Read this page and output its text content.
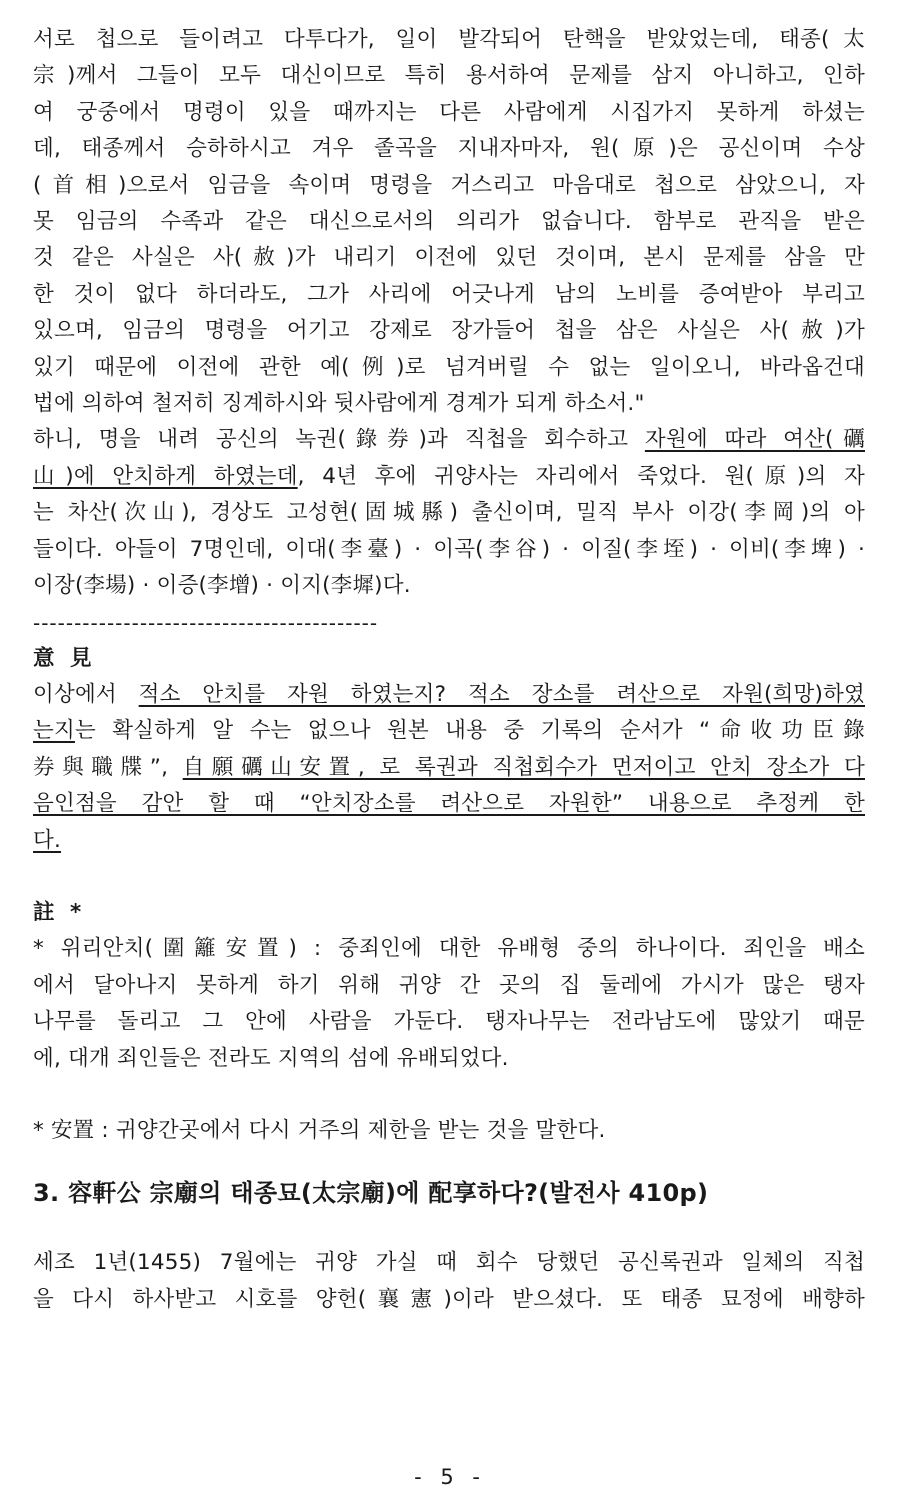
서로 첩으로 들이려고 다투다가, 일이 발각되어 탄핵을 받았었는데, 태종(太
宗)께서 그들이 모두 대신이므로 특히 용서하여 문제를 삼지 아니하고, 인하
여 궁중에서 명령이 있을 때까지는 다른 사람에게 시집가지 못하게 하셨는
데, 태종께서 승하하시고 겨우 졸곡을 지내자마자, 원(原)은 공신이며 수상
(首相)으로서 임금을 속이며 명령을 거스리고 마음대로 첩으로 삼았으니, 자
못 임금의 수족과 같은 대신으로서의 의리가 없습니다. 함부로 관직을 받은
것 같은 사실은 사(赦)가 내리기 이전에 있던 것이며, 본시 문제를 삼을 만
한 것이 없다 하더라도, 그가 사리에 어긋나게 남의 노비를 증여받아 부리고
있으며, 임금의 명령을 어기고 강제로 장가들어 첩을 삼은 사실은 사(赦)가
있기 때문에 이전에 관한 예(例)로 넘겨버릴 수 없는 일이오니, 바라옵건대
법에 의하여 철저히 징계하시와 뒷사람에게 경계가 되게 하소서."
하니, 명을 내려 공신의 녹권(錄券)과 직첩을 회수하고 자원에 따라 여산(礪
山)에 안치하게 하였는데, 4년 후에 귀양사는 자리에서 죽었다. 원(原)의 자
는 차산(次山), 경상도 고성현(固城縣) 출신이며, 밀직 부사 이강(李岡)의 아
들이다. 아들이 7명인데, 이대(李臺) · 이곡(李谷) · 이질(李垤) · 이비(李埤) ·
이장(李場) · 이증(李增) · 이지(李墀)다.
------------------------------------------
意 見
이상에서 적소 안치를 자원 하였는지? 적소 장소를 려산으로 자원(희망)하였
는지는 확실하게 알 수는 없으나 원본 내용 중 기록의 순서가 “命收功臣錄
券與職牒”, 自願礪山安置, 로 록권과 직첩회수가 먼저이고 안치 장소가 다
음인점을 감안 할 때 “안치장소를 려산으로 자원한” 내용으로 추정케 한
다.
註 *
* 위리안치(圍籬安置) : 중죄인에 대한 유배형 중의 하나이다. 죄인을 배소
에서 달아나지 못하게 하기 위해 귀양 간 곳의 집 둘레에 가시가 많은 탱자
나무를 돌리고 그 안에 사람을 가둔다. 탱자나무는 전라남도에 많았기 때문
에, 대개 죄인들은 전라도 지역의 섬에 유배되었다.
* 安置 : 귀양간곳에서 다시 거주의 제한을 받는 것을 말한다.
3. 容軒公 宗廟의 태종묘(太宗廟)에 配享하다?(발전사 410p)
세조 1년(1455) 7월에는 귀양 가실 때 회수 당했던 공신록권과 일체의 직첩
을 다시 하사받고 시호를 양헌(襄憲)이라 받으셨다. 또 태종 묘정에 배향하
- 5 -
